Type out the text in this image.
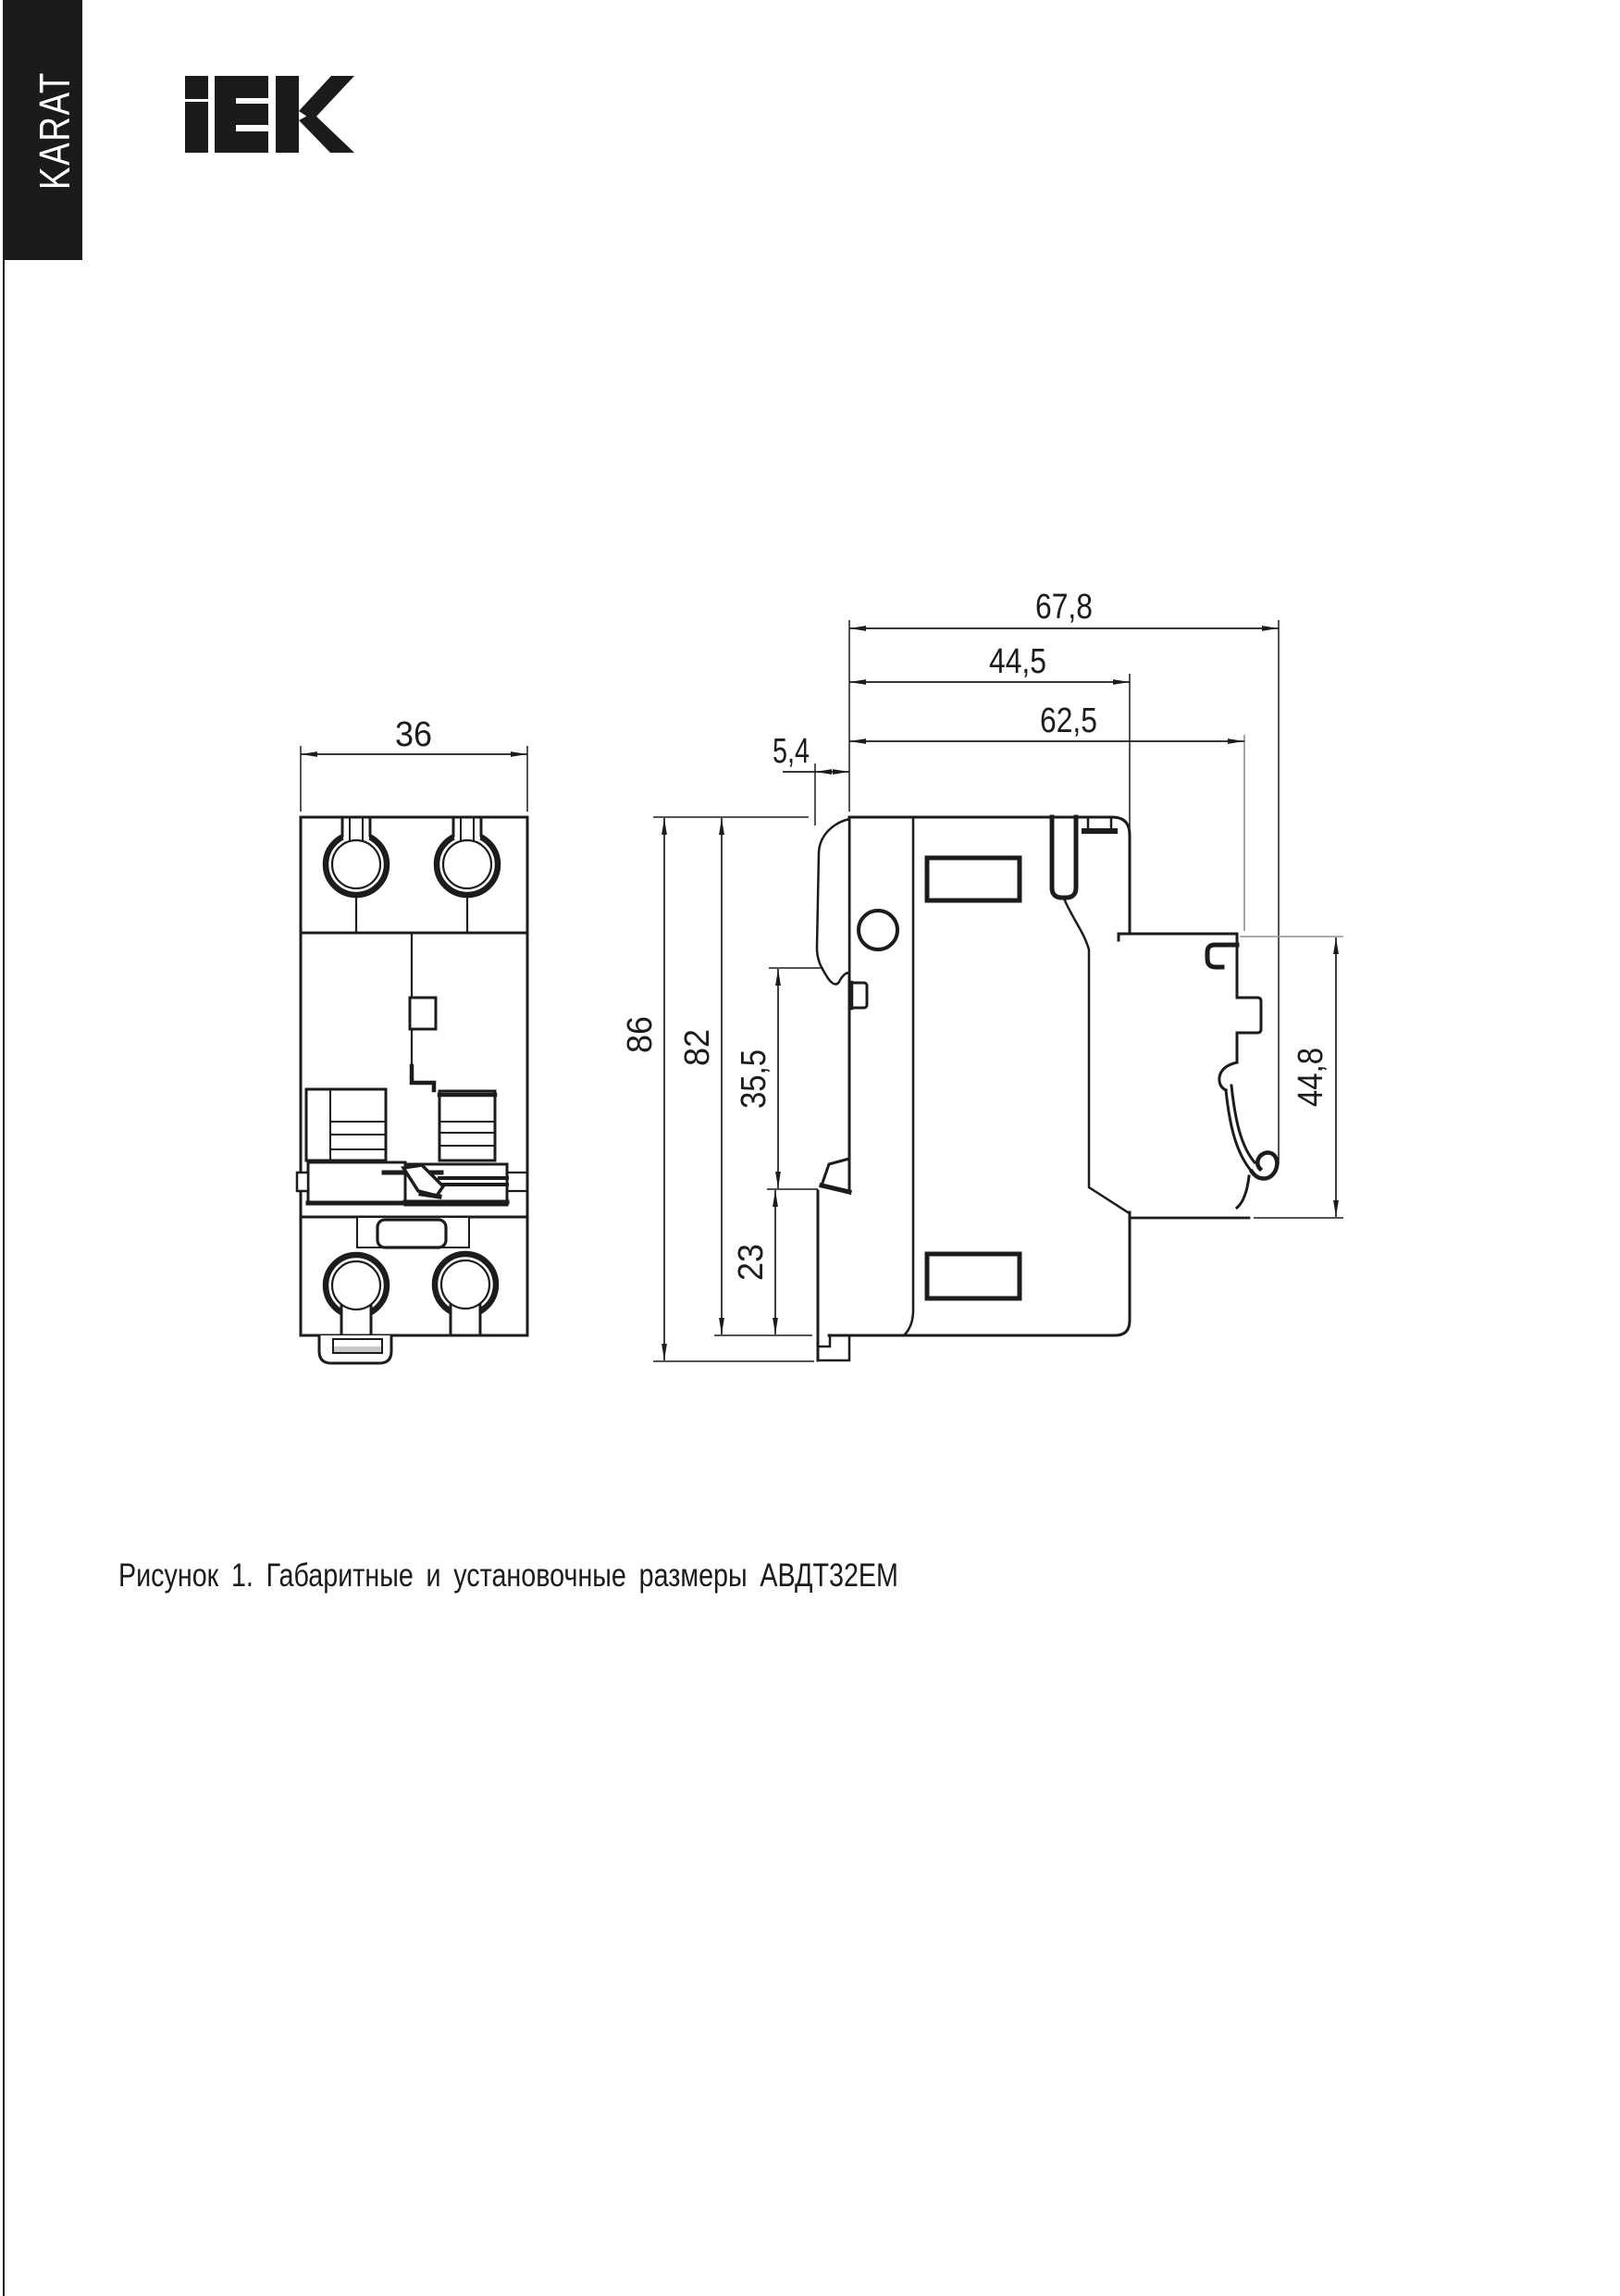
KARAT
36
67,8
44,5
62,5
5,4
86 82 35,5
23
44,8
Рисунок 1. Габаритные и установочные размеры АВДТ32ЕМ
